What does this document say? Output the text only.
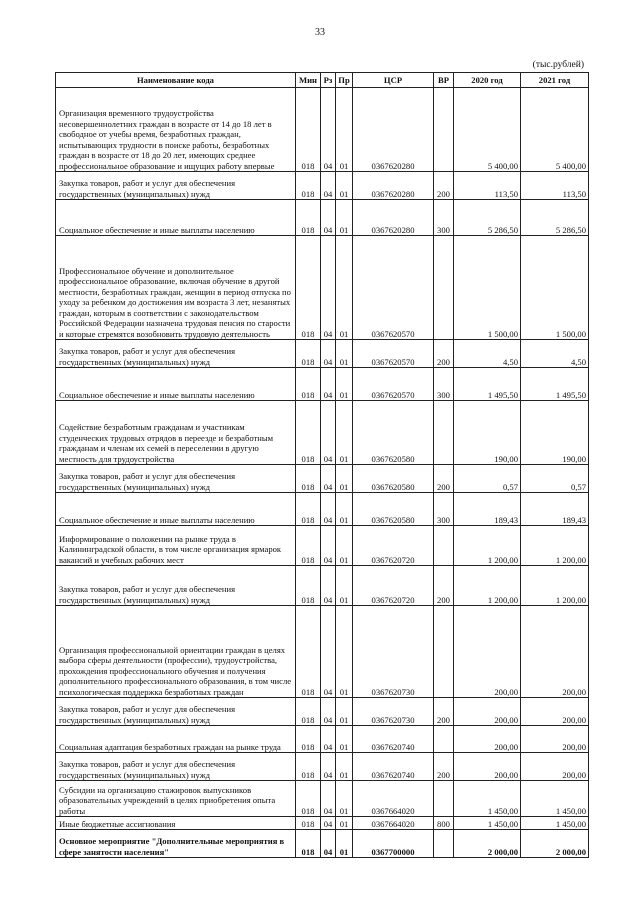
33
(тыс.рублей)
Наименование кода	Мин	Рз	Пр	ЦСР	ВР	2020 год	2021 год
Организация временного трудоустройства несовершеннолетних граждан в возрасте от 14 до 18 лет в свободное от учебы время, безработных граждан, испытывающих трудности в поиске работы, безработных граждан в возрасте от 18 до 20 лет, имеющих среднее профессиональное образование и ищущих работу впервые	018	04	01	0367620280		5 400,00	5 400,00
Закупка товаров, работ и услуг для обеспечения государственных (муниципальных) нужд	018	04	01	0367620280	200	113,50	113,50
Социальное обеспечение и иные выплаты населению	018	04	01	0367620280	300	5 286,50	5 286,50
Профессиональное обучение и дополнительное профессиональное образование, включая обучение в другой местности, безработных граждан, женщин в период отпуска по уходу за ребенком до достижения им возраста 3 лет, незанятых граждан, которым в соответствии с законодательством Российской Федерации назначена трудовая пенсия по старости и которые стремятся возобновить трудовую деятельность	018	04	01	0367620570		1 500,00	1 500,00
Закупка товаров, работ и услуг для обеспечения государственных (муниципальных) нужд	018	04	01	0367620570	200	4,50	4,50
Социальное обеспечение и иные выплаты населению	018	04	01	0367620570	300	1 495,50	1 495,50
Содействие безработным гражданам и участникам студенческих трудовых отрядов в переезде и безработным гражданам и членам их семей в переселении в другую местность для трудоустройства	018	04	01	0367620580		190,00	190,00
Закупка товаров, работ и услуг для обеспечения государственных (муниципальных) нужд	018	04	01	0367620580	200	0,57	0,57
Социальное обеспечение и иные выплаты населению	018	04	01	0367620580	300	189,43	189,43
Информирование о положении на рынке труда в Калининградской области, в том числе организация ярмарок вакансий и учебных рабочих мест	018	04	01	0367620720		1 200,00	1 200,00
Закупка товаров, работ и услуг для обеспечения государственных (муниципальных) нужд	018	04	01	0367620720	200	1 200,00	1 200,00
Организация профессиональной ориентации граждан в целях выбора сферы деятельности (профессии), трудоустройства, прохождения профессионального обучения и получения дополнительного профессионального образования, в том числе психологическая поддержка безработных граждан	018	04	01	0367620730		200,00	200,00
Закупка товаров, работ и услуг для обеспечения государственных (муниципальных) нужд	018	04	01	0367620730	200	200,00	200,00
Социальная адаптация безработных граждан на рынке труда	018	04	01	0367620740		200,00	200,00
Закупка товаров, работ и услуг для обеспечения государственных (муниципальных) нужд	018	04	01	0367620740	200	200,00	200,00
Субсидии на организацию стажировок выпускников образовательных учреждений в целях приобретения опыта работы	018	04	01	0367664020		1 450,00	1 450,00
Иные бюджетные ассигнования	018	04	01	0367664020	800	1 450,00	1 450,00
Основное мероприятие "Дополнительные мероприятия в сфере занятости населения"	018	04	01	0367700000		2 000,00	2 000,00
